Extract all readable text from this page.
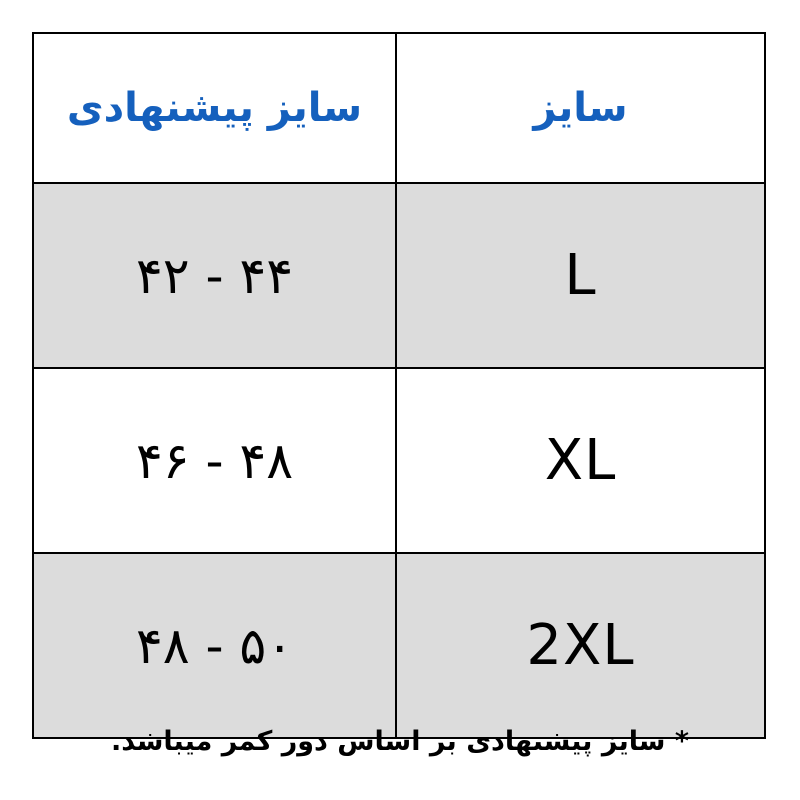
سایز	سایز پیشنهادی

L	۴۴ - ۴۲
XL	۴۸ - ۴۶
2XL	۵۰ - ۴۸
* سایز پیشنهادی بر اساس دور کمر میباشد.
